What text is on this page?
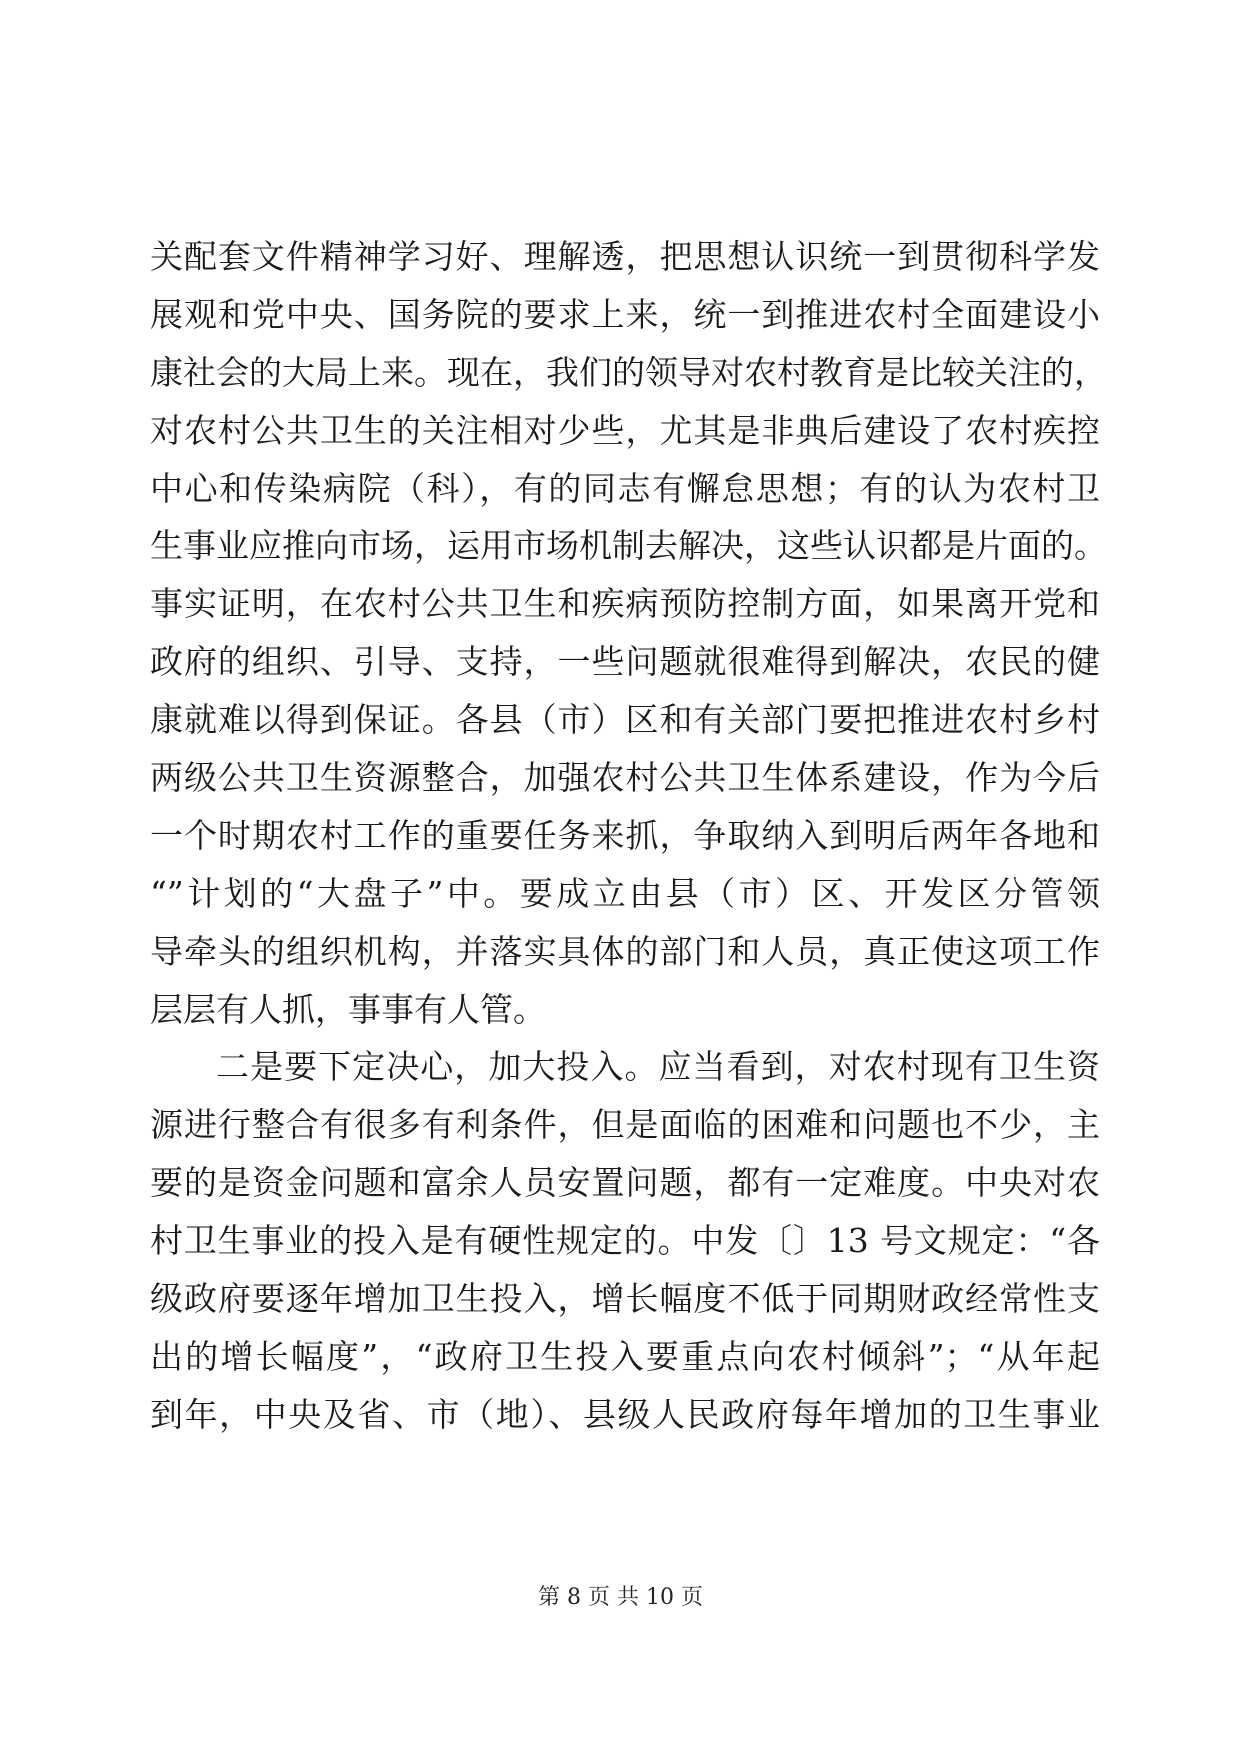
关配套文件精神学习好、理解透，把思想认识统一到贯彻科学发
展观和党中央、国务院的要求上来，统一到推进农村全面建设小
康社会的大局上来。现在，我们的领导对农村教育是比较关注的，
对农村公共卫生的关注相对少些，尤其是非典后建设了农村疾控
中心和传染病院（科），有的同志有懈怠思想；有的认为农村卫
生事业应推向市场，运用市场机制去解决，这些认识都是片面的。
事实证明，在农村公共卫生和疾病预防控制方面，如果离开党和
政府的组织、引导、支持，一些问题就很难得到解决，农民的健
康就难以得到保证。各县（市）区和有关部门要把推进农村乡村
两级公共卫生资源整合，加强农村公共卫生体系建设，作为今后
一个时期农村工作的重要任务来抓，争取纳入到明后两年各地和
“”计划的“大盘子”中。要成立由县（市）区、开发区分管领
导牵头的组织机构，并落实具体的部门和人员，真正使这项工作
层层有人抓，事事有人管。
二是要下定决心，加大投入。应当看到，对农村现有卫生资
源进行整合有很多有利条件，但是面临的困难和问题也不少，主
要的是资金问题和富余人员安置问题，都有一定难度。中央对农
村卫生事业的投入是有硬性规定的。中发〔〕13 号文规定：“各
级政府要逐年增加卫生投入，增长幅度不低于同期财政经常性支
出的增长幅度”，“政府卫生投入要重点向农村倾斜”；“从年起
到年，中央及省、市（地）、县级人民政府每年增加的卫生事业
第 8 页 共 10 页
